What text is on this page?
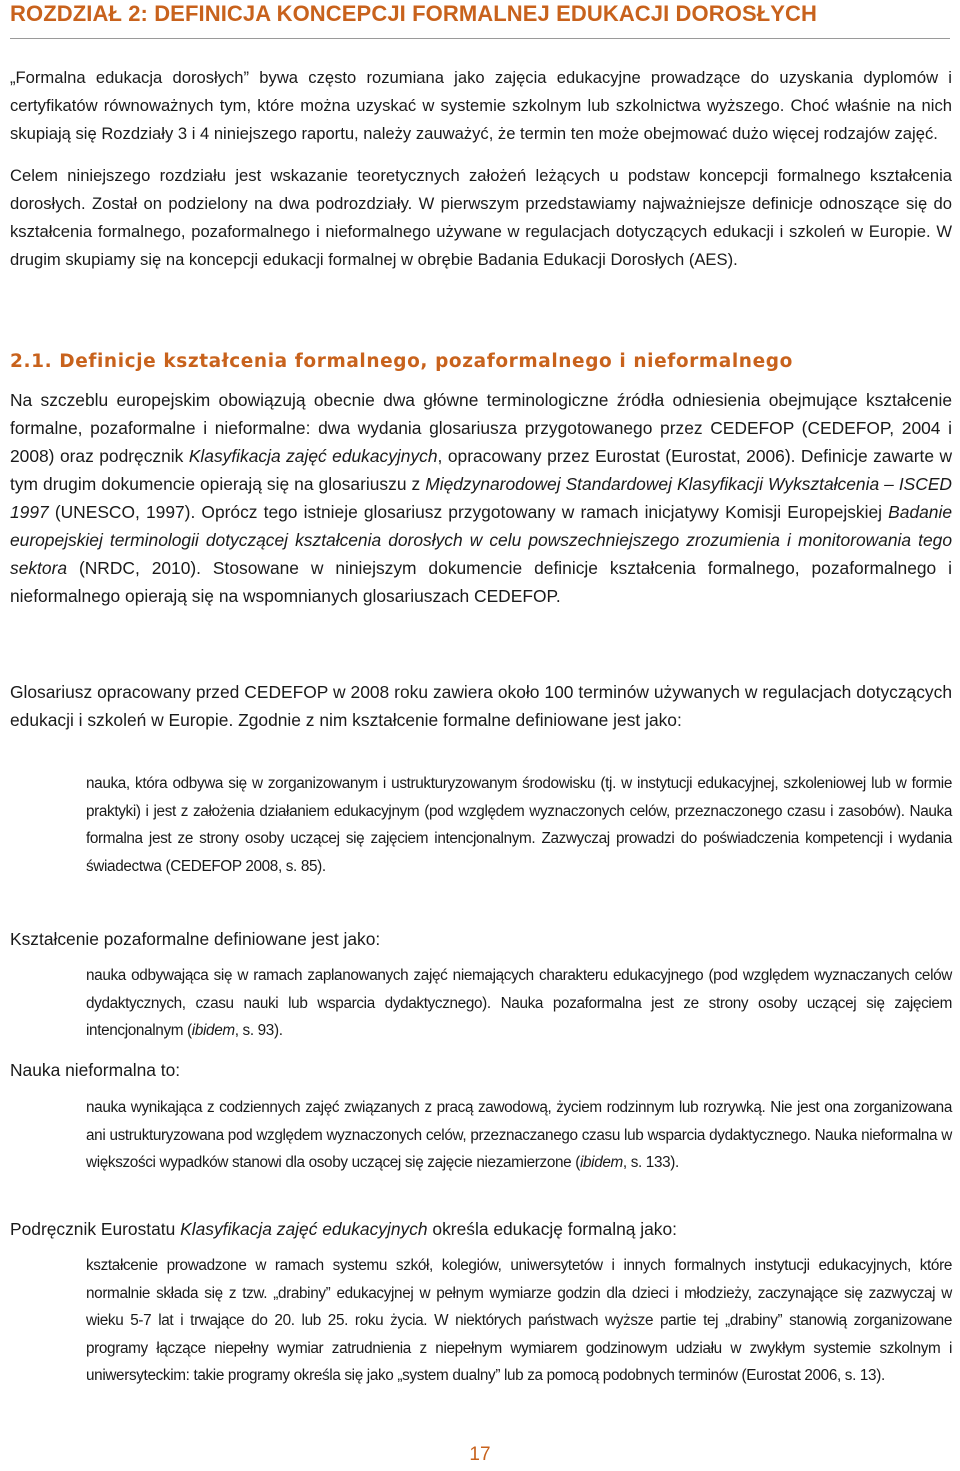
ROZDZIAŁ 2: DEFINICJA KONCEPCJI FORMALNEJ EDUKACJI DOROSŁYCH

„Formalna edukacja dorosłych” bywa często rozumiana jako zajęcia edukacyjne prowadzące do uzyskania dyplomów i certyfikatów równoważnych tym, które można uzyskać w systemie szkolnym lub szkolnictwa wyższego. Choć właśnie na nich skupiają się Rozdziały 3 i 4 niniejszego raportu, należy zauważyć, że termin ten może obejmować dużo więcej rodzajów zajęć.

Celem niniejszego rozdziału jest wskazanie teoretycznych założeń leżących u podstaw koncepcji formalnego kształcenia dorosłych. Został on podzielony na dwa podrozdziały. W pierwszym przedstawiamy najważniejsze definicje odnoszące się do kształcenia formalnego, pozaformalnego i nieformalnego używane w regulacjach dotyczących edukacji i szkoleń w Europie. W drugim skupiamy się na koncepcji edukacji formalnej w obrębie Badania Edukacji Dorosłych (AES).

2.1. Definicje kształcenia formalnego, pozaformalnego i nieformalnego

Na szczeblu europejskim obowiązują obecnie dwa główne terminologiczne źródła odniesienia obejmujące kształcenie formalne, pozaformalne i nieformalne: dwa wydania glosariusza przygotowanego przez CEDEFOP (CEDEFOP, 2004 i 2008) oraz podręcznik Klasyfikacja zajęć edukacyjnych, opracowany przez Eurostat (Eurostat, 2006). Definicje zawarte w tym drugim dokumencie opierają się na glosariuszu z Międzynarodowej Standardowej Klasyfikacji Wykształcenia – ISCED 1997 (UNESCO, 1997). Oprócz tego istnieje glosariusz przygotowany w ramach inicjatywy Komisji Europejskiej Badanie europejskiej terminologii dotyczącej kształcenia dorosłych w celu powszechniejszego zrozumienia i monitorowania tego sektora (NRDC, 2010). Stosowane w niniejszym dokumencie definicje kształcenia formalnego, pozaformalnego i nieformalnego opierają się na wspomnianych glosariuszach CEDEFOP.

Glosariusz opracowany przed CEDEFOP w 2008 roku zawiera około 100 terminów używanych w regulacjach dotyczących edukacji i szkoleń w Europie. Zgodnie z nim kształcenie formalne definiowane jest jako:

nauka, która odbywa się w zorganizowanym i ustrukturyzowanym środowisku (tj. w instytucji edukacyjnej, szkoleniowej lub w formie praktyki) i jest z założenia działaniem edukacyjnym (pod względem wyznaczonych celów, przeznaczonego czasu i zasobów). Nauka formalna jest ze strony osoby uczącej się zajęciem intencjonalnym. Zazwyczaj prowadzi do poświadczenia kompetencji i wydania świadectwa (CEDEFOP 2008, s. 85).

Kształcenie pozaformalne definiowane jest jako:

nauka odbywająca się w ramach zaplanowanych zajęć niemających charakteru edukacyjnego (pod względem wyznaczanych celów dydaktycznych, czasu nauki lub wsparcia dydaktycznego). Nauka pozaformalna jest ze strony osoby uczącej się zajęciem intencjonalnym (ibidem, s. 93).

Nauka nieformalna to:

nauka wynikająca z codziennych zajęć związanych z pracą zawodową, życiem rodzinnym lub rozrywką. Nie jest ona zorganizowana ani ustrukturyzowana pod względem wyznaczonych celów, przeznaczanego czasu lub wsparcia dydaktycznego. Nauka nieformalna w większości wypadków stanowi dla osoby uczącej się zajęcie niezamierzone (ibidem, s. 133).

Podręcznik Eurostatu Klasyfikacja zajęć edukacyjnych określa edukację formalną jako:

kształcenie prowadzone w ramach systemu szkół, kolegiów, uniwersytetów i innych formalnych instytucji edukacyjnych, które normalnie składa się z tzw. „drabiny” edukacyjnej w pełnym wymiarze godzin dla dzieci i młodzieży, zaczynające się zazwyczaj w wieku 5-7 lat i trwające do 20. lub 25. roku życia. W niektórych państwach wyższe partie tej „drabiny” stanowią zorganizowane programy łączące niepełny wymiar zatrudnienia z niepełnym wymiarem godzinowym udziału w zwykłym systemie szkolnym i uniwersyteckim: takie programy określa się jako „system dualny” lub za pomocą podobnych terminów (Eurostat 2006, s. 13).

17
